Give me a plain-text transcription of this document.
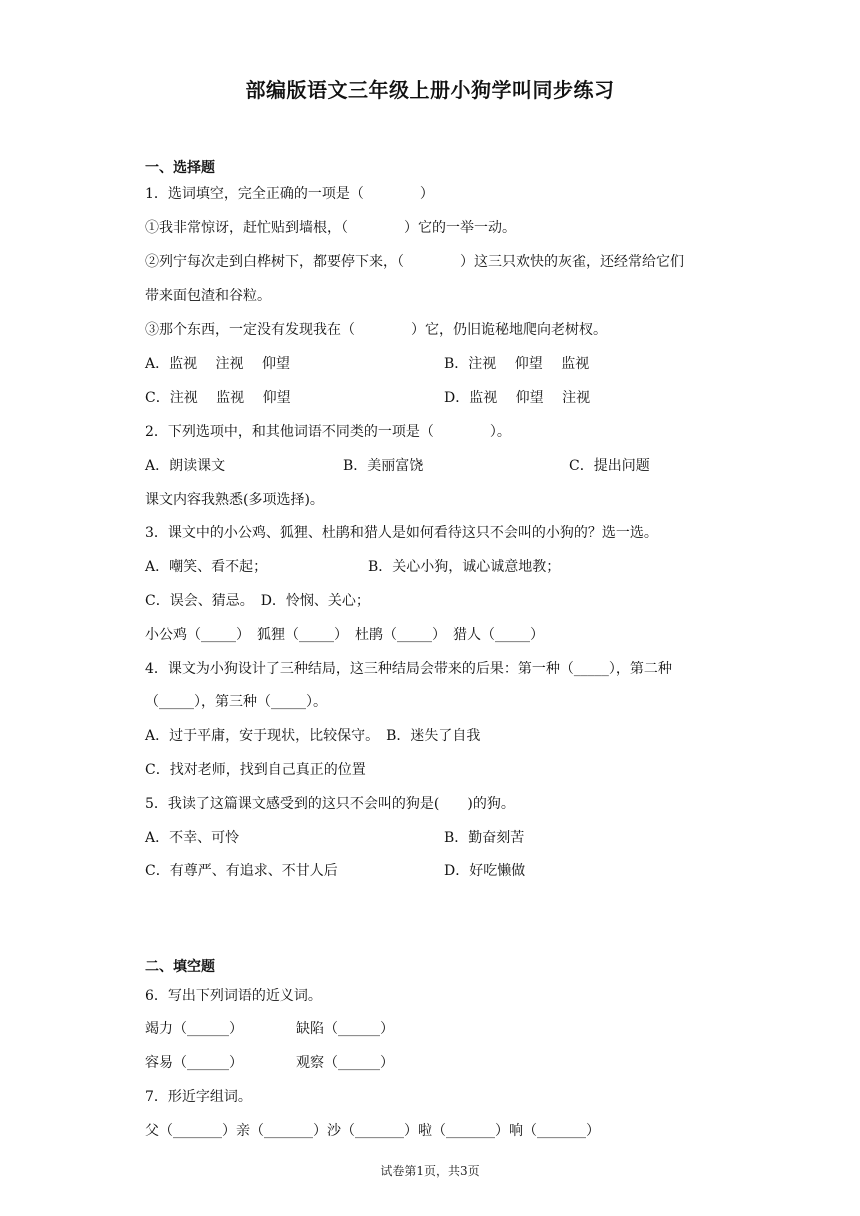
部编版语文三年级上册小狗学叫同步练习
一、选择题
1．选词填空，完全正确的一项是（　　　　）
①我非常惊讶，赶忙贴到墙根，（　　　　）它的一举一动。
②列宁每次走到白桦树下，都要停下来，（　　　　）这三只欢快的灰雀，还经常给它们
带来面包渣和谷粒。
③那个东西，一定没有发现我在（　　　　）它，仍旧诡秘地爬向老树杈。
A．监视　 注视　 仰望	B．注视　 仰望　 监视
C．注视　 监视　 仰望	D．监视　 仰望　 注视
2．下列选项中，和其他词语不同类的一项是（　　　　）。
A．朗读课文	B．美丽富饶	C．提出问题
课文内容我熟悉(多项选择)。
3．课文中的小公鸡、狐狸、杜鹃和猎人是如何看待这只不会叫的小狗的？选一选。
A．嘲笑、看不起；	B．关心小狗，诚心诚意地教；
C．误会、猜忌。　D．怜悯、关心；
小公鸡（_____）　狐狸（_____）　杜鹃（_____）　猎人（_____）
4．课文为小狗设计了三种结局，这三种结局会带来的后果：第一种（_____），第二种
（_____），第三种（_____）。
A．过于平庸，安于现状，比较保守。　B．迷失了自我
C．找对老师，找到自己真正的位置
5．我读了这篇课文感受到的这只不会叫的狗是(　　)的狗。
A．不幸、可怜	B．勤奋刻苦
C．有尊严、有追求、不甘人后	D．好吃懒做
二、填空题
6．写出下列词语的近义词。
竭力（______）	缺陷（______）
容易（______）	观察（______）
7．形近字组词。
父（_______）亲（_______）沙（_______）啦（_______）响（_______）
试卷第1页，共3页
